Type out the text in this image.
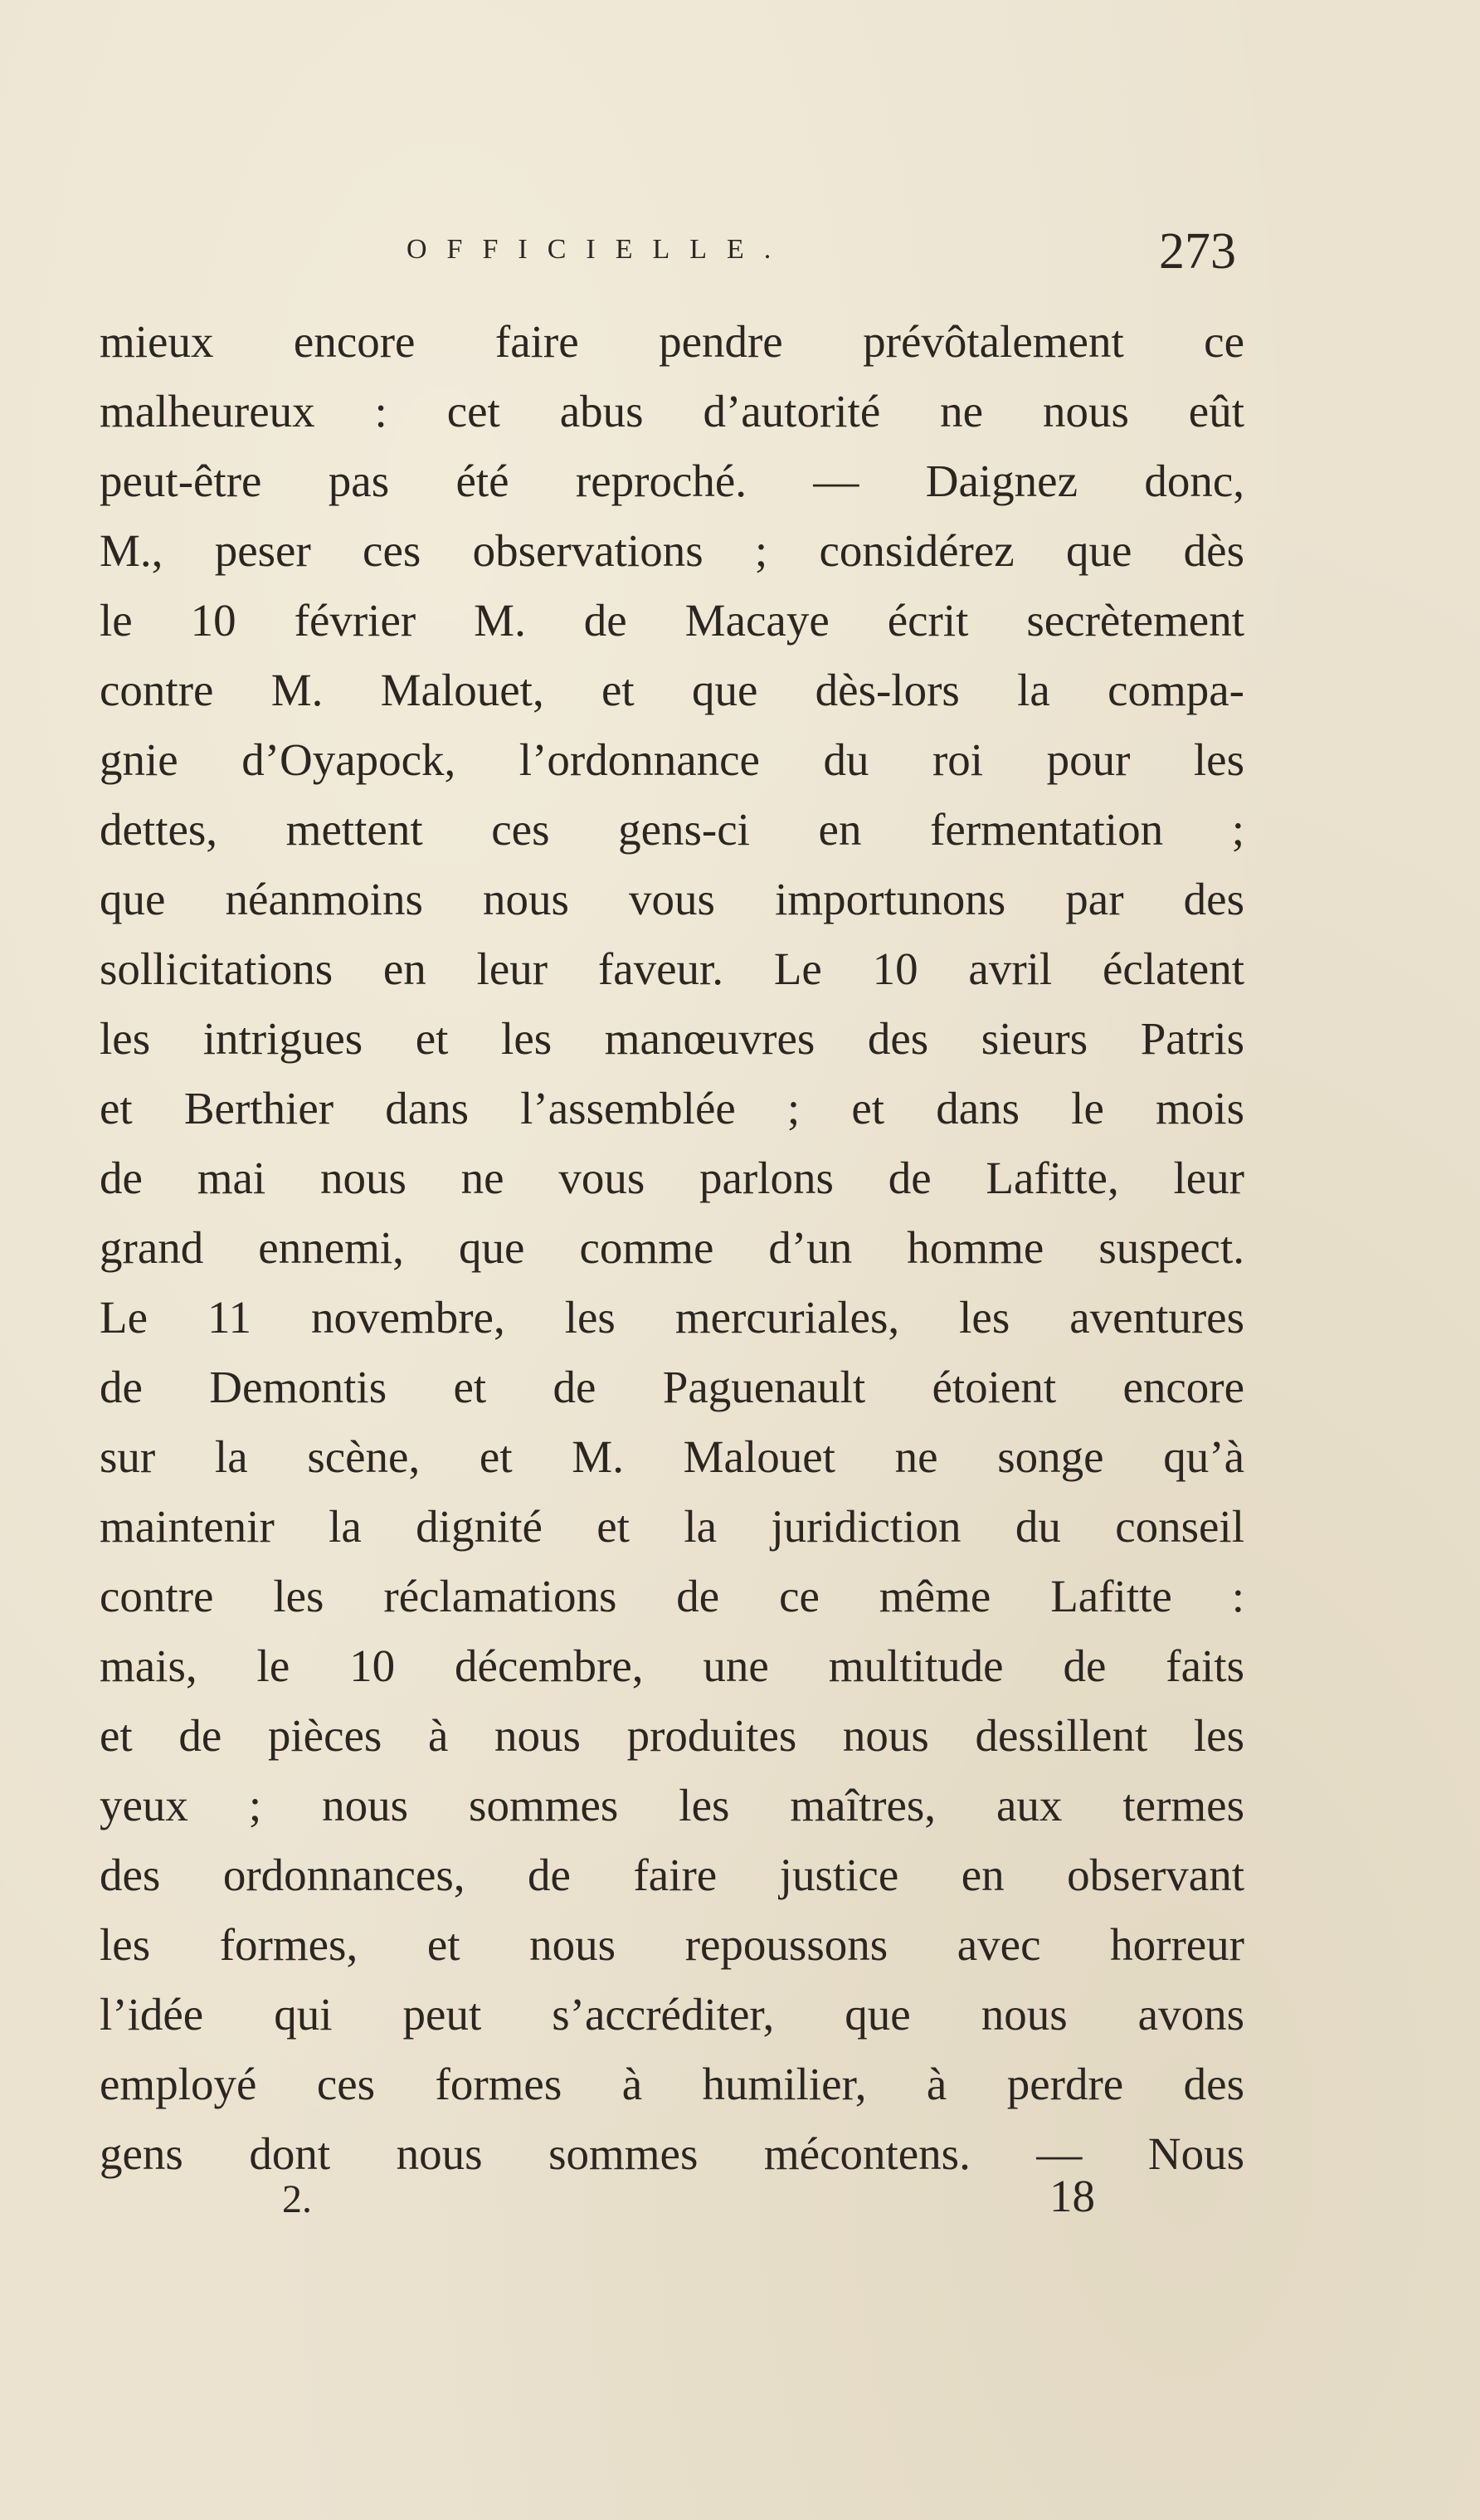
OFFICIELLE.	273
mieux encore faire pendre prévôtalement ce
malheureux : cet abus d’autorité ne nous eût
peut-être pas été reproché. — Daignez donc,
M., peser ces observations ; considérez que dès
le 10 février M. de Macaye écrit secrètement
contre M. Malouet, et que dès-lors la compa-
gnie d’Oyapock, l’ordonnance du roi pour les
dettes, mettent ces gens-ci en fermentation ;
que néanmoins nous vous importunons par des
sollicitations en leur faveur. Le 10 avril éclatent
les intrigues et les manœuvres des sieurs Patris
et Berthier dans l’assemblée ; et dans le mois
de mai nous ne vous parlons de Lafitte, leur
grand ennemi, que comme d’un homme suspect.
Le 11 novembre, les mercuriales, les aventures
de Demontis et de Paguenault étoient encore
sur la scène, et M. Malouet ne songe qu’à
maintenir la dignité et la juridiction du conseil
contre les réclamations de ce même Lafitte :
mais, le 10 décembre, une multitude de faits
et de pièces à nous produites nous dessillent les
yeux ; nous sommes les maîtres, aux termes
des ordonnances, de faire justice en observant
les formes, et nous repoussons avec horreur
l’idée qui peut s’accréditer, que nous avons
employé ces formes à humilier, à perdre des
gens dont nous sommes mécontens. — Nous
2.	18
